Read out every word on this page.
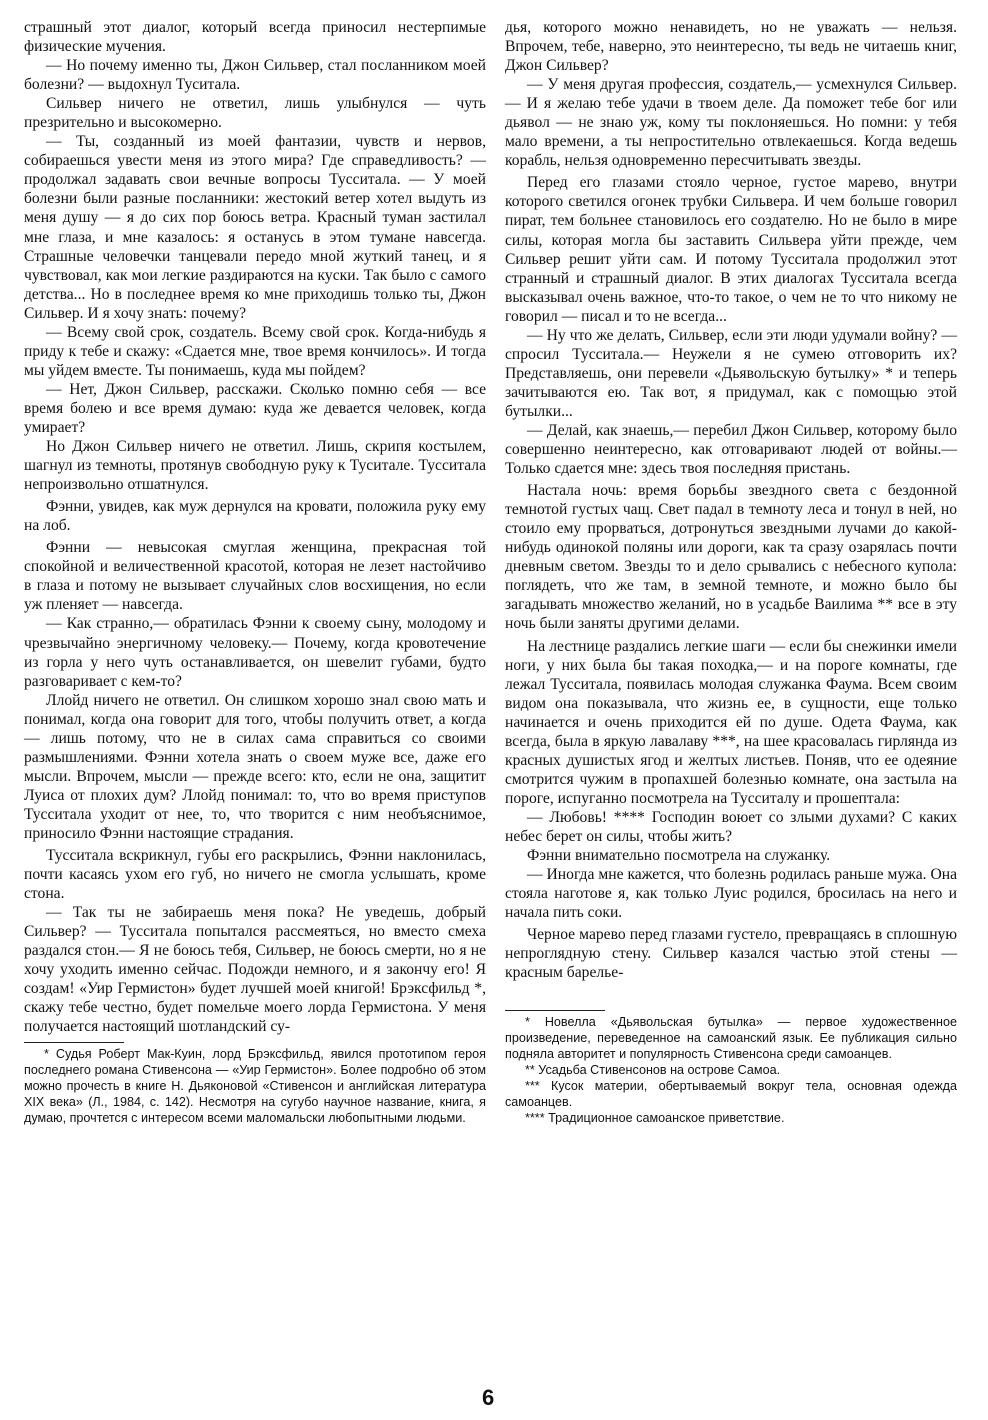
страшный этот диалог, который всегда приносил нестерпимые физические мучения.

— Но почему именно ты, Джон Сильвер, стал посланником моей болезни? — выдохнул Туситала.

Сильвер ничего не ответил, лишь улыбнулся — чуть презрительно и высокомерно.

— Ты, созданный из моей фантазии, чувств и нервов, собираешься увести меня из этого мира? Где справедливость? — продолжал задавать свои вечные вопросы Тусситала. — У моей болезни были разные посланники: жестокий ветер хотел выдуть из меня душу — я до сих пор боюсь ветра. Красный туман застилал мне глаза, и мне казалось: я останусь в этом тумане навсегда. Страшные человечки танцевали передо мной жуткий танец, и я чувствовал, как мои легкие раздираются на куски. Так было с самого детства... Но в последнее время ко мне приходишь только ты, Джон Сильвер. И я хочу знать: почему?

— Всему свой срок, создатель. Всему свой срок. Когда-нибудь я приду к тебе и скажу: «Сдается мне, твое время кончилось». И тогда мы уйдем вместе. Ты понимаешь, куда мы пойдем?

— Нет, Джон Сильвер, расскажи. Сколько помню себя — все время болею и все время думаю: куда же девается человек, когда умирает?

Но Джон Сильвер ничего не ответил. Лишь, скрипя костылем, шагнул из темноты, протянув свободную руку к Туситале. Тусситала непроизвольно отшатнулся.

Фэнни, увидев, как муж дернулся на кровати, положила руку ему на лоб.

Фэнни — невысокая смуглая женщина, прекрасная той спокойной и величественной красотой, которая не лезет настойчиво в глаза и потому не вызывает случайных слов восхищения, но если уж пленяет — навсегда.

— Как странно,— обратилась Фэнни к своему сыну, молодому и чрезвычайно энергичному человеку.— Почему, когда кровотечение из горла у него чуть останавливается, он шевелит губами, будто разговаривает с кем-то?

Ллойд ничего не ответил. Он слишком хорошо знал свою мать и понимал, когда она говорит для того, чтобы получить ответ, а когда — лишь потому, что не в силах сама справиться со своими размышлениями. Фэнни хотела знать о своем муже все, даже его мысли. Впрочем, мысли — прежде всего: кто, если не она, защитит Луиса от плохих дум? Ллойд понимал: то, что во время приступов Тусситала уходит от нее, то, что творится с ним необъяснимое, приносило Фэнни настоящие страдания.

Тусситала вскрикнул, губы его раскрылись, Фэнни наклонилась, почти касаясь ухом его губ, но ничего не смогла услышать, кроме стона.

— Так ты не забираешь меня пока? Не уведешь, добрый Сильвер? — Тусситала попытался рассмеяться, но вместо смеха раздался стон.— Я не боюсь тебя, Сильвер, не боюсь смерти, но я не хочу уходить именно сейчас. Подожди немного, и я закончу его! Я создам! «Уир Гермистон» будет лучшей моей книгой! Брэксфильд *, скажу тебе честно, будет помельче моего лорда Гермистона. У меня получается настоящий шотландский су-

* Судья Роберт Мак-Куин, лорд Брэксфильд, явился прототипом героя последнего романа Стивенсона — «Уир Гермистон». Более подробно об этом можно прочесть в книге Н. Дьяконовой «Стивенсон и английская литература XIX века» (Л., 1984, с. 142). Несмотря на сугубо научное название, книга, я думаю, прочтется с интересом всеми маломальски любопытными людьми.

дья, которого можно ненавидеть, но не уважать — нельзя. Впрочем, тебе, наверно, это неинтересно, ты ведь не читаешь книг, Джон Сильвер?

— У меня другая профессия, создатель,— усмехнулся Сильвер.— И я желаю тебе удачи в твоем деле. Да поможет тебе бог или дьявол — не знаю уж, кому ты поклоняешься. Но помни: у тебя мало времени, а ты непростительно отвлекаешься. Когда ведешь корабль, нельзя одновременно пересчитывать звезды.

Перед его глазами стояло черное, густое марево, внутри которого светился огонек трубки Сильвера. И чем больше говорил пират, тем больнее становилось его создателю. Но не было в мире силы, которая могла бы заставить Сильвера уйти прежде, чем Сильвер решит уйти сам. И потому Тусситала продолжил этот странный и страшный диалог. В этих диалогах Тусситала всегда высказывал очень важное, что-то такое, о чем не то что никому не говорил — писал и то не всегда...

— Ну что же делать, Сильвер, если эти люди удумали войну? — спросил Тусситала.— Неужели я не сумею отговорить их? Представляешь, они перевели «Дьявольскую бутылку» * и теперь зачитываются ею. Так вот, я придумал, как с помощью этой бутылки...

— Делай, как знаешь,— перебил Джон Сильвер, которому было совершенно неинтересно, как отговаривают людей от войны.— Только сдается мне: здесь твоя последняя пристань.

Настала ночь: время борьбы звездного света с бездонной темнотой густых чащ. Свет падал в темноту леса и тонул в ней, но стоило ему прорваться, дотронуться звездными лучами до какой-нибудь одинокой поляны или дороги, как та сразу озарялась почти дневным светом. Звезды то и дело срывались с небесного купола: поглядеть, что же там, в земной темноте, и можно было бы загадывать множество желаний, но в усадьбе Ваилима ** все в эту ночь были заняты другими делами.

На лестнице раздались легкие шаги — если бы снежинки имели ноги, у них была бы такая походка,— и на пороге комнаты, где лежал Тусситала, появилась молодая служанка Фаума. Всем своим видом она показывала, что жизнь ее, в сущности, еще только начинается и очень приходится ей по душе. Одета Фаума, как всегда, была в яркую лавалаву ***, на шее красовалась гирлянда из красных душистых ягод и желтых листьев. Поняв, что ее одеяние смотрится чужим в пропахшей болезнью комнате, она застыла на пороге, испуганно посмотрела на Тусситалу и прошептала:

— Любовь! **** Господин воюет со злыми духами? С каких небес берет он силы, чтобы жить?

Фэнни внимательно посмотрела на служанку.

— Иногда мне кажется, что болезнь родилась раньше мужа. Она стояла наготове я, как только Луис родился, бросилась на него и начала пить соки.

Черное марево перед глазами густело, превращаясь в сплошную непроглядную стену. Сильвер казался частью этой стены — красным барелье-

* Новелла «Дьявольская бутылка» — первое художественное произведение, переведенное на самоанский язык. Ее публикация сильно подняла авторитет и популярность Стивенсона среди самоанцев.

** Усадьба Стивенсонов на острове Самоа.

*** Кусок материи, обертываемый вокруг тела, основная одежда самоанцев.

**** Традиционное самоанское приветствие.

6
